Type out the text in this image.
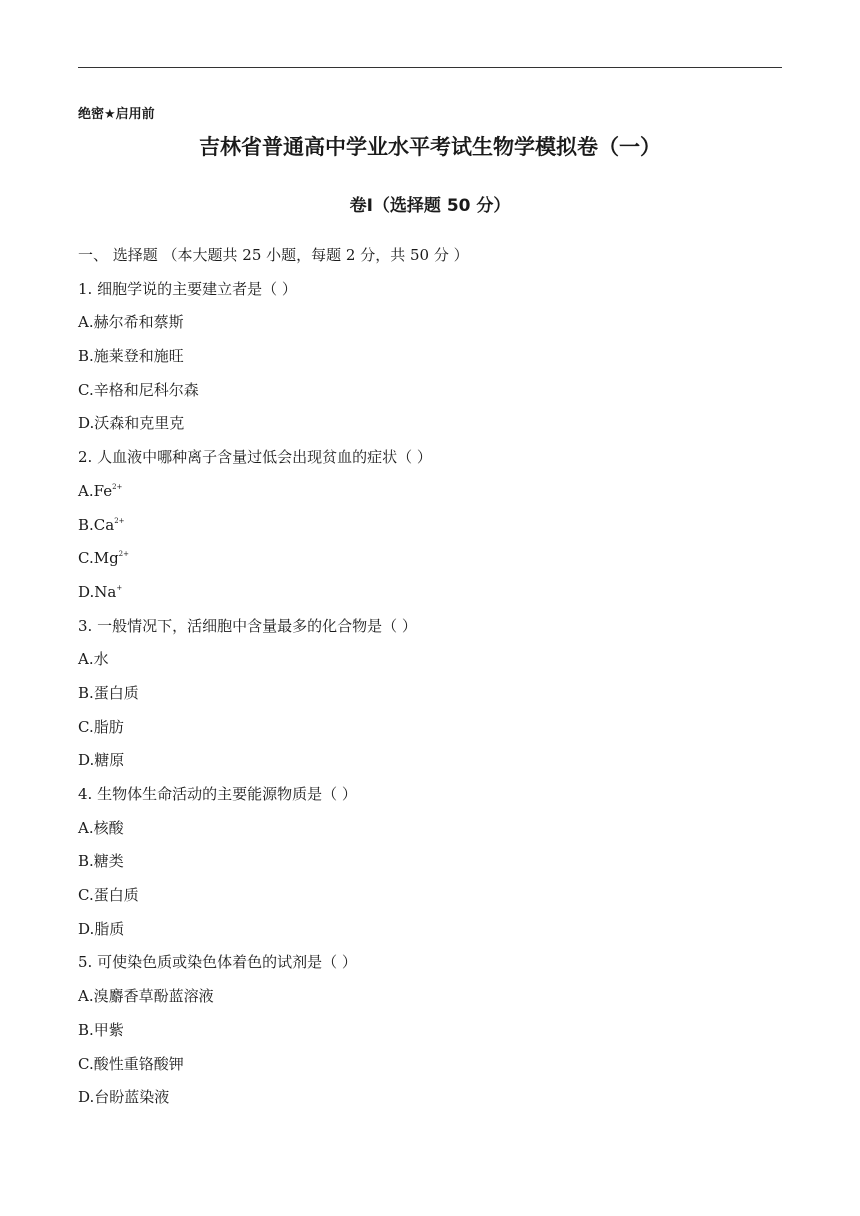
绝密★启用前
吉林省普通高中学业水平考试生物学模拟卷（一）
卷Ⅰ（选择题 50 分）
一、 选择题 （本大题共 25 小题，每题 2 分，共 50 分 ）
1. 细胞学说的主要建立者是（ ）
A.赫尔希和蔡斯
B.施莱登和施旺
C.辛格和尼科尔森
D.沃森和克里克
2. 人血液中哪种离子含量过低会出现贫血的症状（ ）
$A.Fe^{2+}$
$B.Ca^{2+}$
$C.Mg^{2+}$
D.Na+
3. 一般情况下，活细胞中含量最多的化合物是（ ）
A.水
B.蛋白质
C.脂肪
D.糖原
4. 生物体生命活动的主要能源物质是（ ）
A.核酸
B.糖类
C.蛋白质
D.脂质
5. 可使染色质或染色体着色的试剂是（ ）
A.溴麝香草酚蓝溶液
B.甲紫
C.酸性重铬酸钾
D.台盼蓝染液
